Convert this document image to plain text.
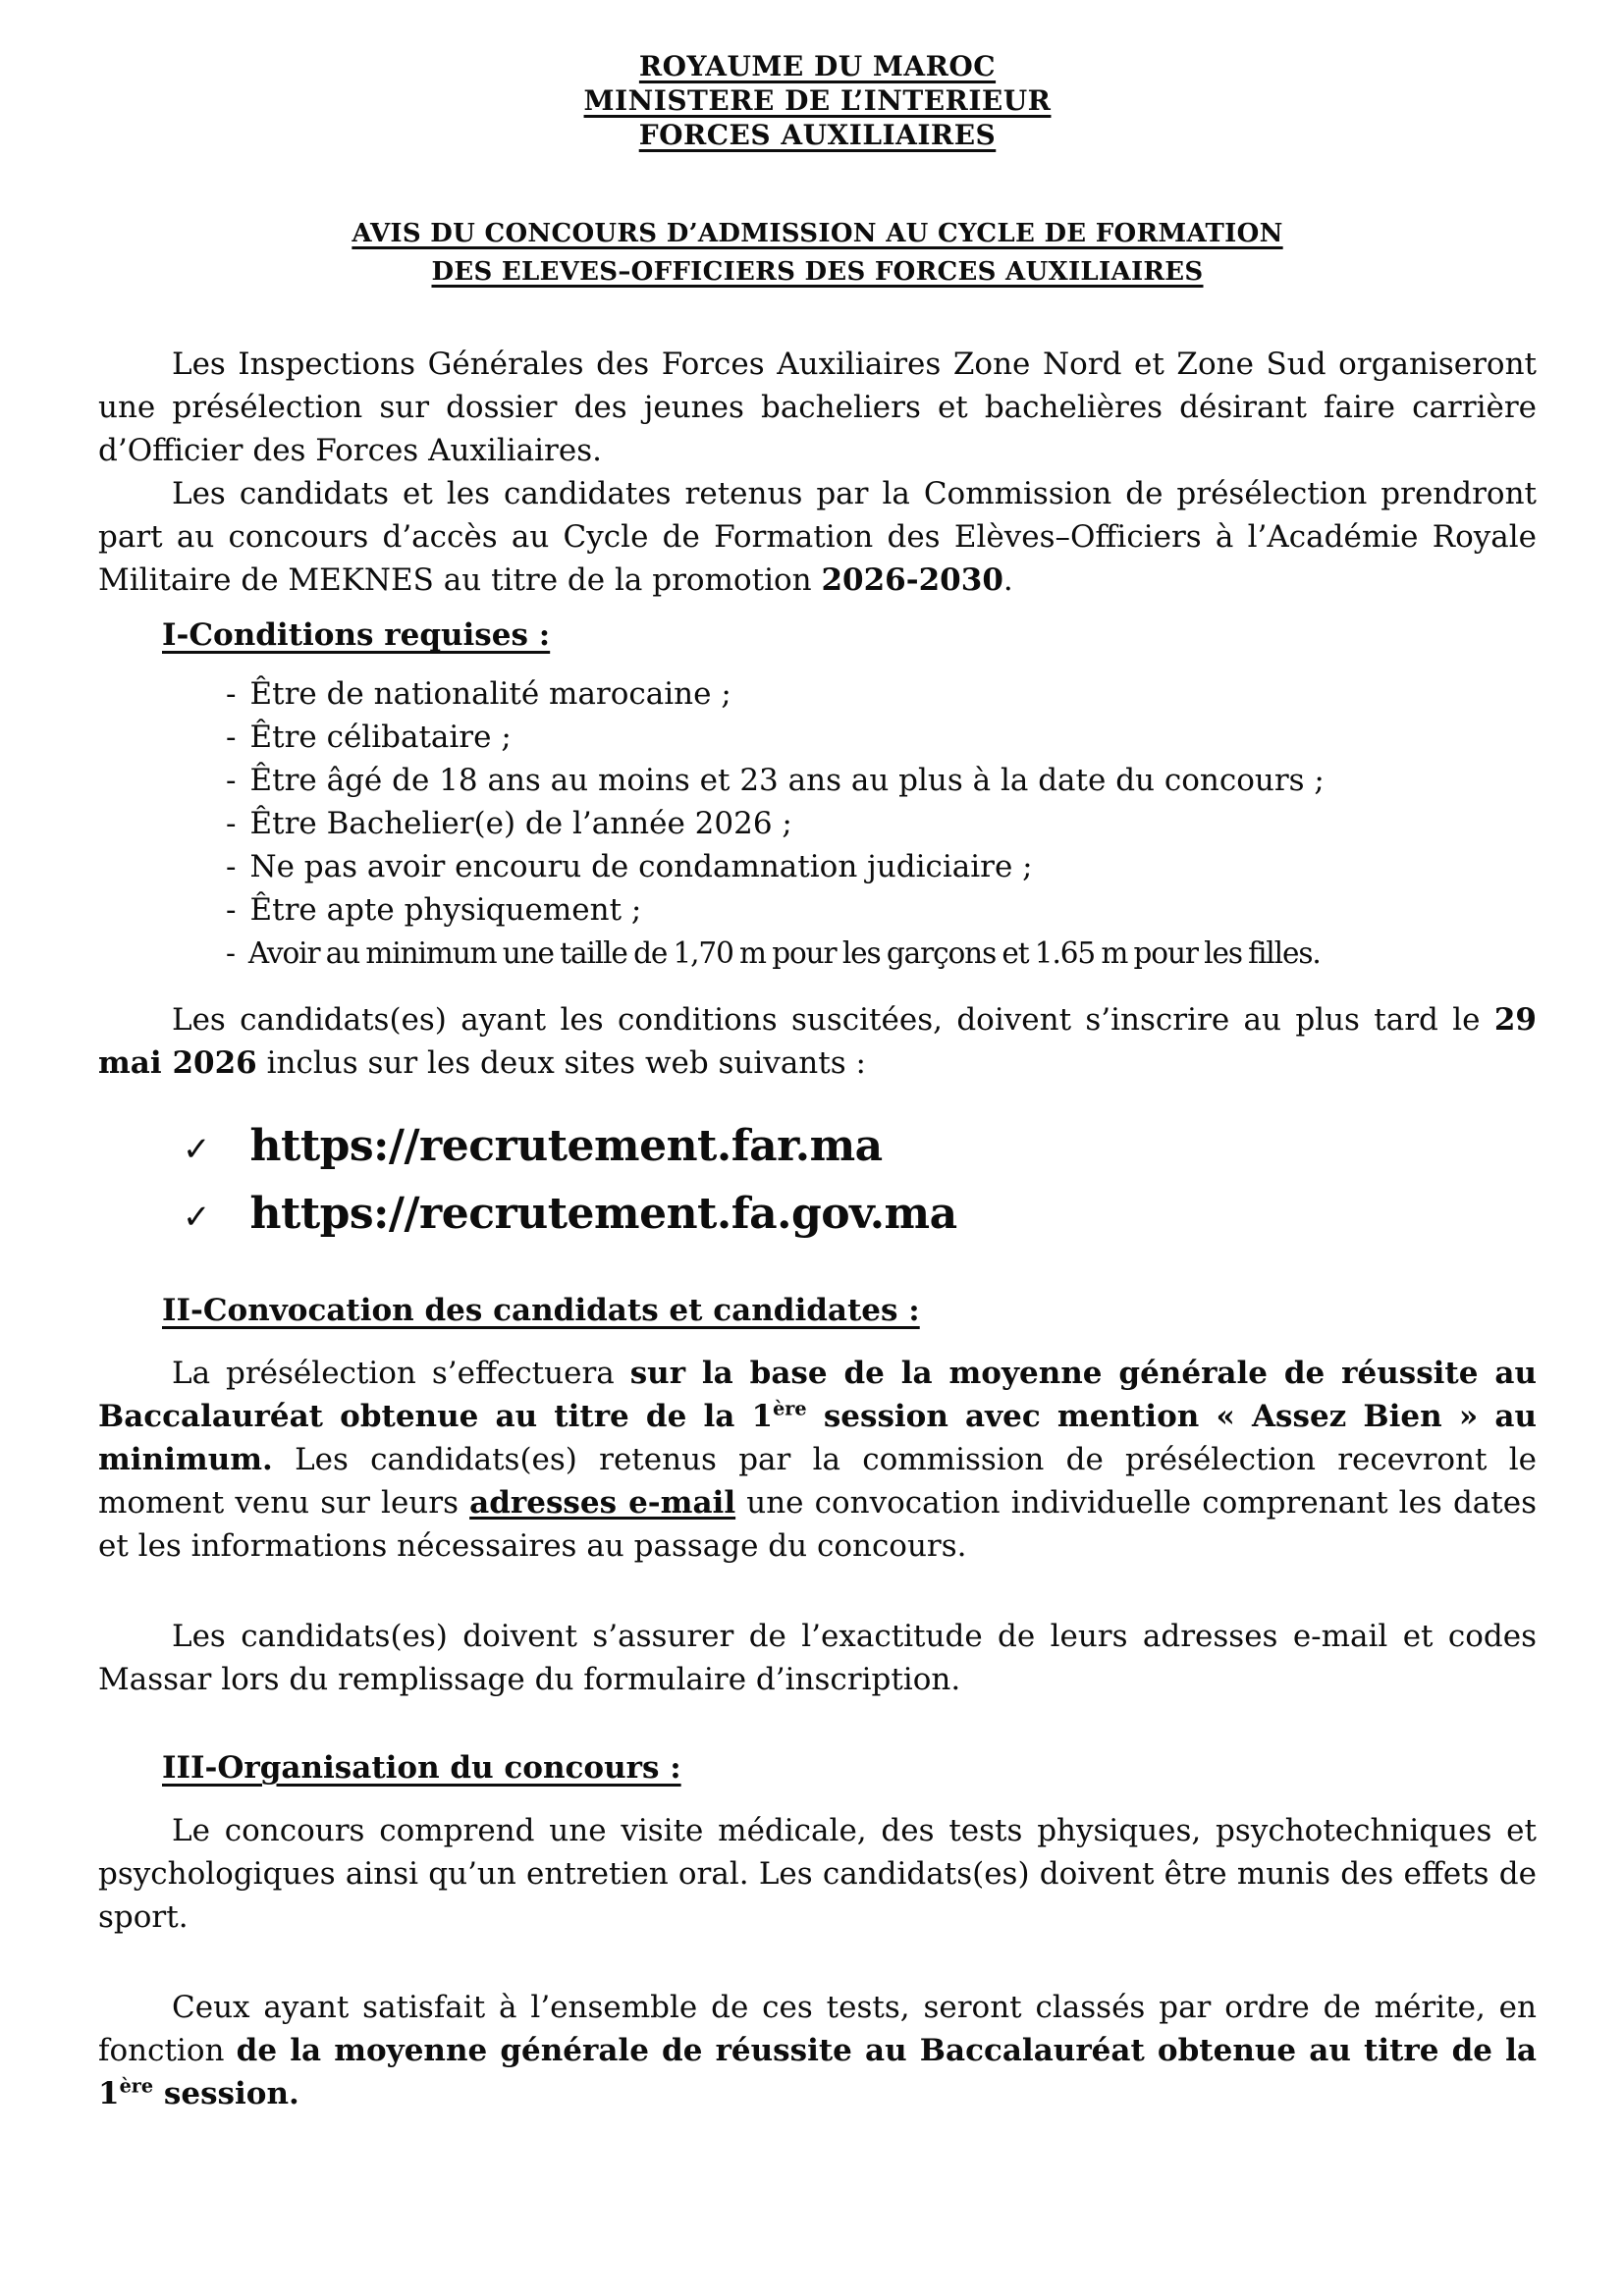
ROYAUME DU MAROC
MINISTERE DE L’INTERIEUR
FORCES AUXILIAIRES
AVIS DU CONCOURS D’ADMISSION AU CYCLE DE FORMATION
DES ELEVES–OFFICIERS DES FORCES AUXILIAIRES

Les Inspections Générales des Forces Auxiliaires Zone Nord et Zone Sud organiseront une présélection sur dossier des jeunes bacheliers et bachelières désirant faire carrière d’Officier des Forces Auxiliaires.

Les candidats et les candidates retenus par la Commission de présélection prendront part au concours d’accès au Cycle de Formation des Elèves–Officiers à l’Académie Royale Militaire de MEKNES au titre de la promotion 2026-2030.

I-Conditions requises :
- Être de nationalité marocaine ;
- Être célibataire ;
- Être âgé de 18 ans au moins et 23 ans au plus à la date du concours ;
- Être Bachelier(e) de l’année 2026 ;
- Ne pas avoir encouru de condamnation judiciaire ;
- Être apte physiquement ;
- Avoir au minimum une taille de 1,70 m pour les garçons et 1.65 m pour les filles.

Les candidats(es) ayant les conditions suscitées, doivent s’inscrire au plus tard le 29 mai 2026 inclus sur les deux sites web suivants :

✓ https://recrutement.far.ma
✓ https://recrutement.fa.gov.ma
II-Convocation des candidats et candidates :

La présélection s’effectuera sur la base de la moyenne générale de réussite au Baccalauréat obtenue au titre de la 1ère session avec mention « Assez Bien » au minimum. Les candidats(es) retenus par la commission de présélection recevront le moment venu sur leurs adresses e-mail une convocation individuelle comprenant les dates et les informations nécessaires au passage du concours.

Les candidats(es) doivent s’assurer de l’exactitude de leurs adresses e-mail et codes Massar lors du remplissage du formulaire d’inscription.

III-Organisation du concours :

Le concours comprend une visite médicale, des tests physiques, psychotechniques et psychologiques ainsi qu’un entretien oral. Les candidats(es) doivent être munis des effets de sport.

Ceux ayant satisfait à l’ensemble de ces tests, seront classés par ordre de mérite, en fonction de la moyenne générale de réussite au Baccalauréat obtenue au titre de la 1ère session.
